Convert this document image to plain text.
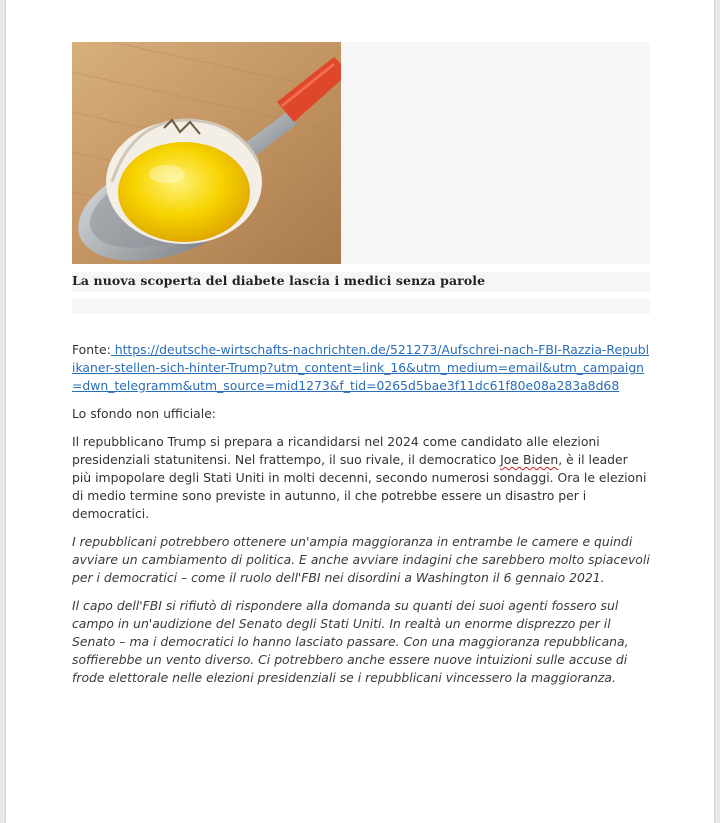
La nuova scoperta del diabete lascia i medici senza parole

Fonte: https://deutsche-wirtschafts-nachrichten.de/521273/Aufschrei-nach-FBI-Razzia-Republikaner-stellen-sich-hinter-Trump?utm_content=link_16&utm_medium=email&utm_campaign=dwn_telegramm&utm_source=mid1273&f_tid=0265d5bae3f11dc61f80e08a283a8d68

Lo sfondo non ufficiale:

Il repubblicano Trump si prepara a ricandidarsi nel 2024 come candidato alle elezioni presidenziali statunitensi. Nel frattempo, il suo rivale, il democratico Joe Biden, è il leader più impopolare degli Stati Uniti in molti decenni, secondo numerosi sondaggi. Ora le elezioni di medio termine sono previste in autunno, il che potrebbe essere un disastro per i democratici.

I repubblicani potrebbero ottenere un'ampia maggioranza in entrambe le camere e quindi avviare un cambiamento di politica. E anche avviare indagini che sarebbero molto spiacevoli per i democratici – come il ruolo dell'FBI nei disordini a Washington il 6 gennaio 2021.

Il capo dell'FBI si rifiutò di rispondere alla domanda su quanti dei suoi agenti fossero sul campo in un'audizione del Senato degli Stati Uniti. In realtà un enorme disprezzo per il Senato – ma i democratici lo hanno lasciato passare. Con una maggioranza repubblicana, soffierebbe un vento diverso. Ci potrebbero anche essere nuove intuizioni sulle accuse di frode elettorale nelle elezioni presidenziali se i repubblicani vincessero la maggioranza.
